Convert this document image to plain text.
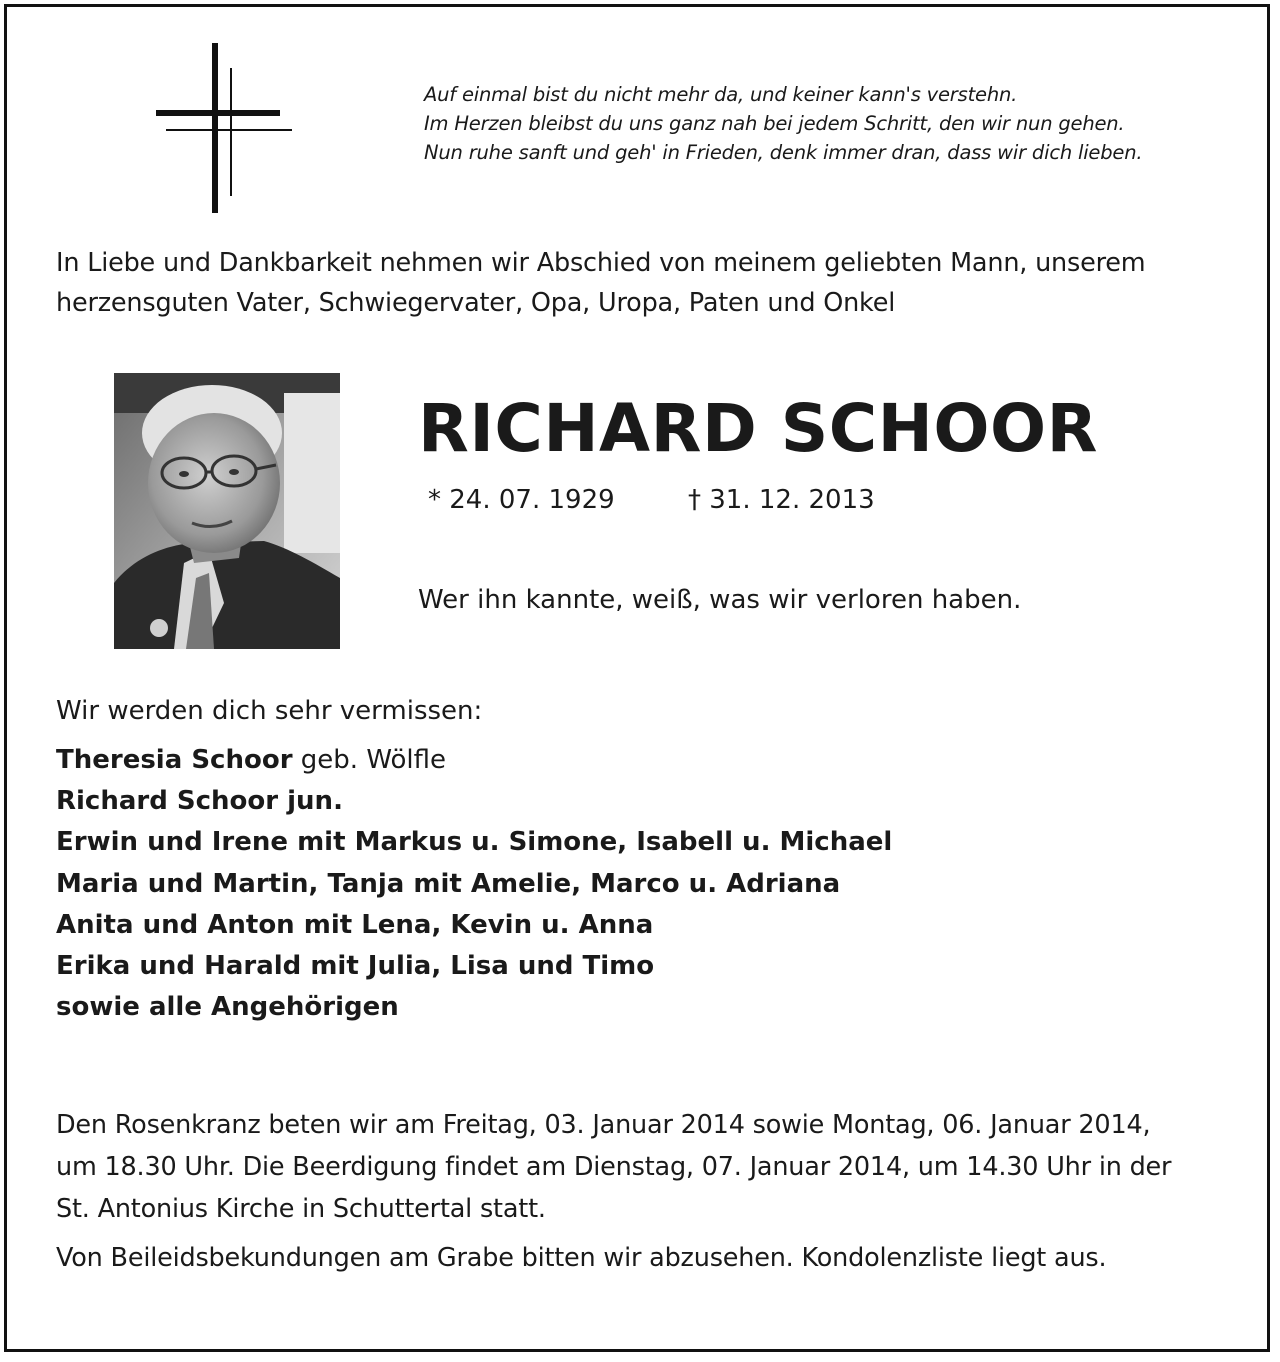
Auf einmal bist du nicht mehr da, und keiner kann's verstehn.
Im Herzen bleibst du uns ganz nah bei jedem Schritt, den wir nun gehen.
Nun ruhe sanft und geh' in Frieden, denk immer dran, dass wir dich lieben.
In Liebe und Dankbarkeit nehmen wir Abschied von meinem geliebten Mann, unserem
herzensguten Vater, Schwiegervater, Opa, Uropa, Paten und Onkel
RICHARD SCHOOR
* 24. 07. 1929	† 31. 12. 2013
Wer ihn kannte, weiß, was wir verloren haben.
Wir werden dich sehr vermissen:
Theresia Schoor geb. Wölfle
Richard Schoor jun.
Erwin und Irene mit Markus u. Simone, Isabell u. Michael
Maria und Martin, Tanja mit Amelie, Marco u. Adriana
Anita und Anton mit Lena, Kevin u. Anna
Erika und Harald mit Julia, Lisa und Timo
sowie alle Angehörigen
Den Rosenkranz beten wir am Freitag, 03. Januar 2014 sowie Montag, 06. Januar 2014,
um 18.30 Uhr. Die Beerdigung findet am Dienstag, 07. Januar 2014, um 14.30 Uhr in der
St. Antonius Kirche in Schuttertal statt.
Von Beileidsbekundungen am Grabe bitten wir abzusehen. Kondolenzliste liegt aus.
